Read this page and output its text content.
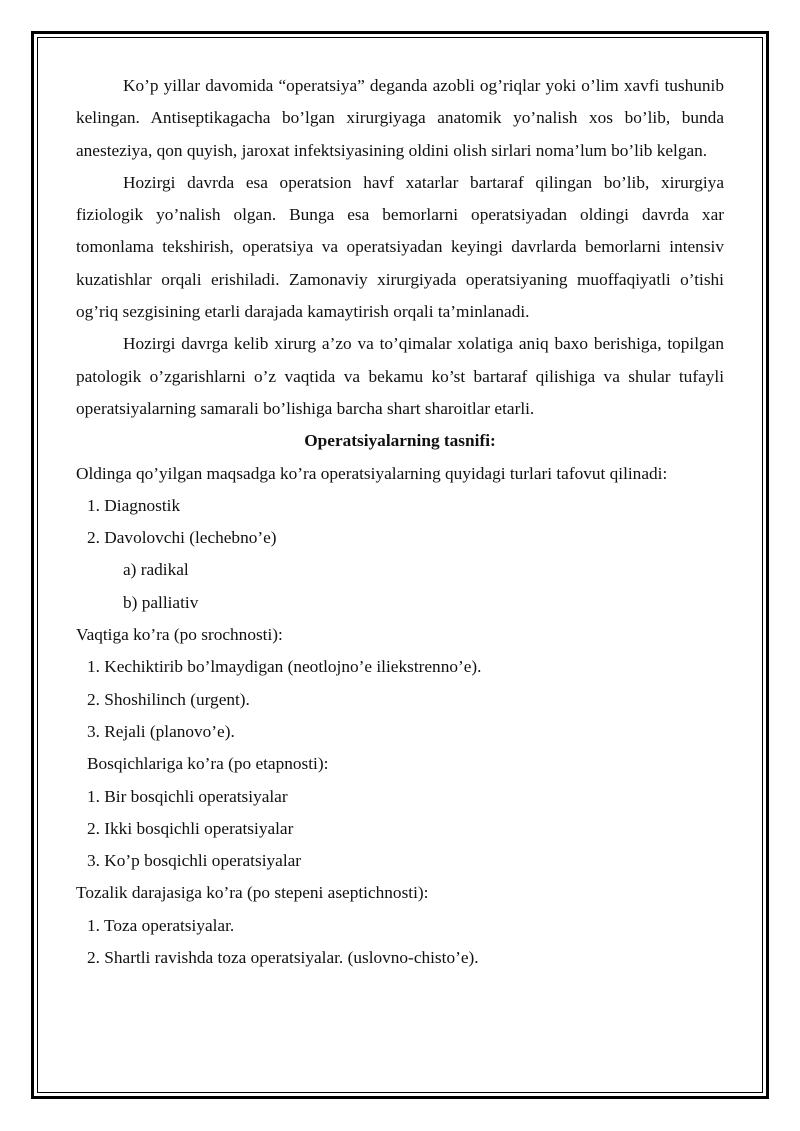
Ko’p yillar davomida “operatsiya” deganda azobli og’riqlar yoki o’lim xavfi tushunib kelingan. Antiseptikagacha bo’lgan xirurgiyaga anatomik yo’nalish xos bo’lib, bunda anesteziya, qon quyish, jaroxat infektsiyasining oldini olish sirlari noma’lum bo’lib kelgan.

Hozirgi davrda esa operatsion havf xatarlar bartaraf qilingan bo’lib, xirurgiya fiziologik yo’nalish olgan. Bunga esa bemorlarni operatsiyadan oldingi davrda xar tomonlama tekshirish, operatsiya va operatsiyadan keyingi davrlarda bemorlarni intensiv kuzatishlar orqali erishiladi. Zamonaviy xirurgiyada operatsiyaning muoffaqiyatli o’tishi og’riq sezgisining etarli darajada kamaytirish orqali ta’minlanadi.

Hozirgi davrga kelib xirurg a’zo va to’qimalar xolatiga aniq baxo berishiga, topilgan patologik o’zgarishlarni o’z vaqtida va bekamu ko’st bartaraf qilishiga va shular tufayli operatsiyalarning samarali bo’lishiga barcha shart sharoitlar etarli.

Operatsiyalarning tasnifi:

Oldinga qo’yilgan maqsadga ko’ra operatsiyalarning quyidagi turlari tafovut qilinadi:

1. Diagnostik

2. Davolovchi (lechebno’e)

a) radikal

b) palliativ

Vaqtiga ko’ra (po srochnosti):

1. Kechiktirib bo’lmaydigan (neotlojno’e iliekstrenno’e).

2. Shoshilinch (urgent).

3. Rejali (planovo’e).

Bosqichlariga ko’ra (po etapnosti):

1. Bir bosqichli operatsiyalar

2. Ikki bosqichli operatsiyalar

3. Ko’p bosqichli operatsiyalar

Tozalik darajasiga ko’ra (po stepeni aseptichnosti):

1. Toza operatsiyalar.

2. Shartli ravishda toza operatsiyalar. (uslovno-chisto’e).
